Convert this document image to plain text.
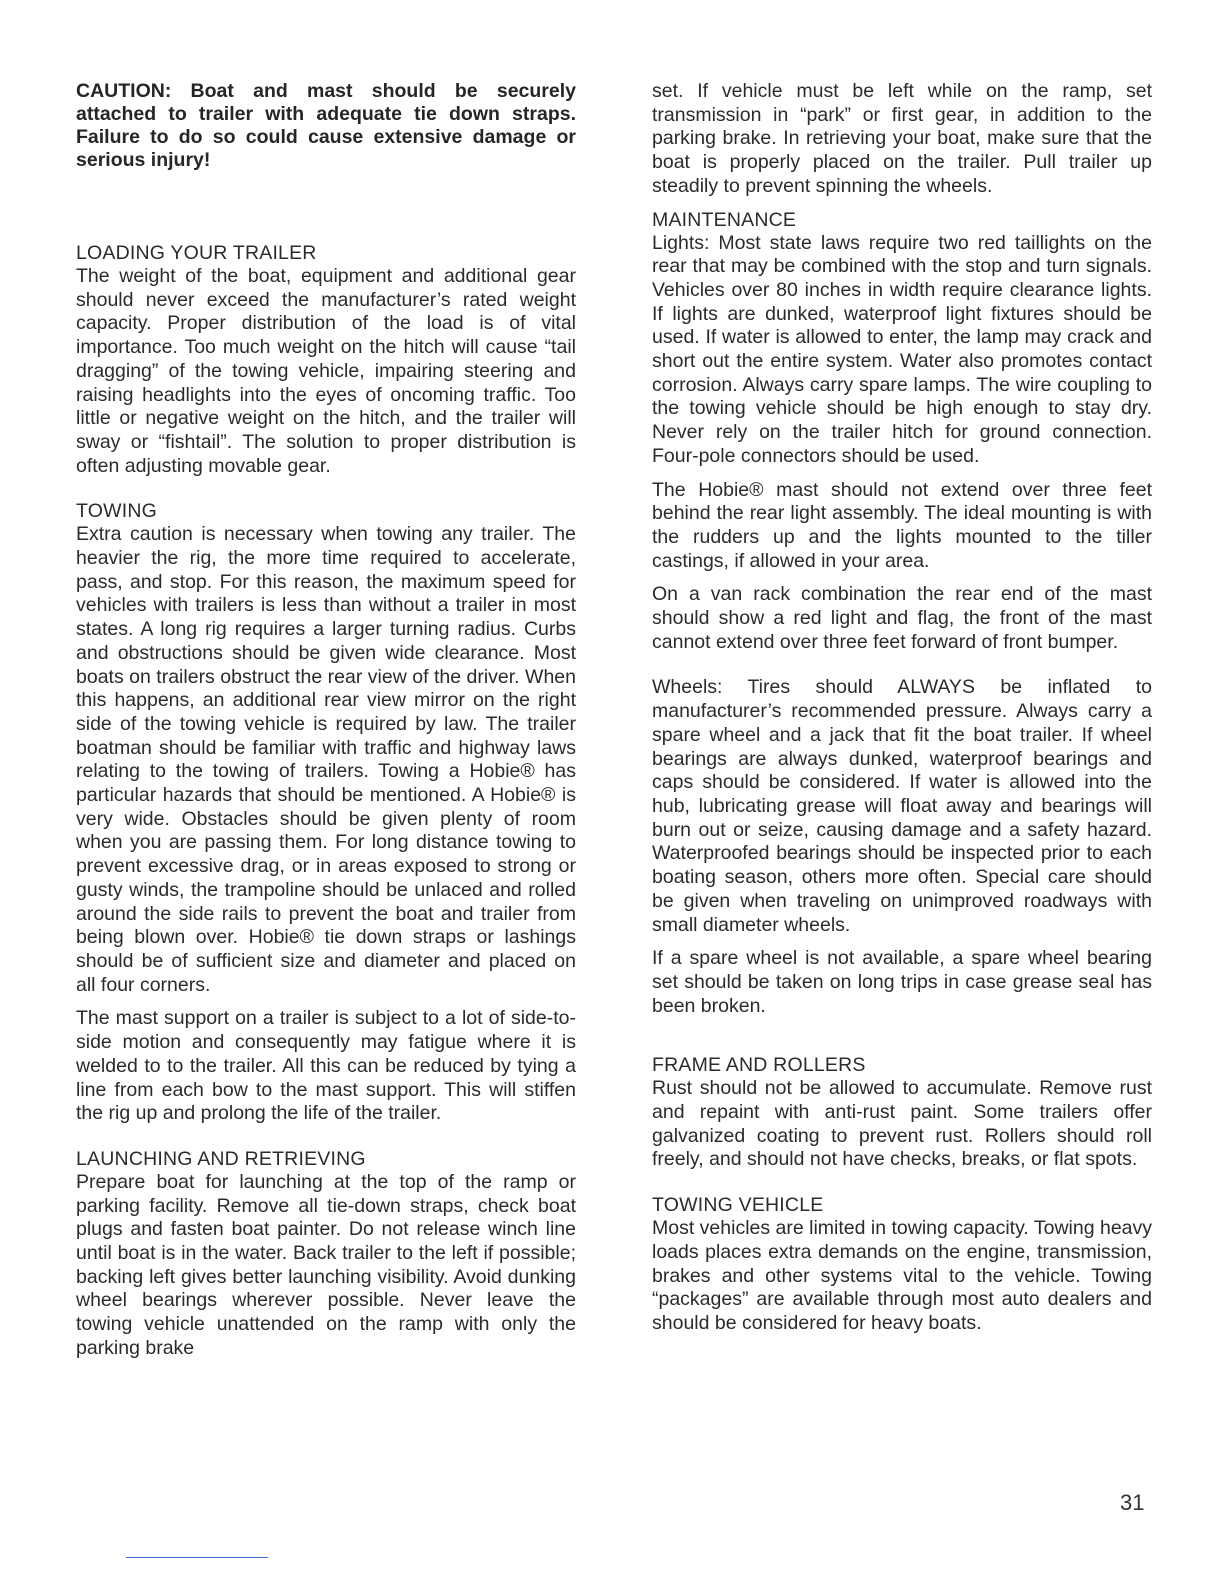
CAUTION: Boat and mast should be securely attached to trailer with adequate tie down straps. Failure to do so could cause extensive damage or serious injury!

LOADING YOUR TRAILER

The weight of the boat, equipment and additional gear should never exceed the manufacturer’s rated weight capacity. Proper distribution of the load is of vital importance. Too much weight on the hitch will cause “tail dragging” of the towing vehicle, impairing steering and raising headlights into the eyes of oncoming traffic. Too little or negative weight on the hitch, and the trailer will sway or “fishtail”. The solution to proper distribution is often adjusting movable gear.

TOWING

Extra caution is necessary when towing any trailer. The heavier the rig, the more time required to accelerate, pass, and stop. For this reason, the maximum speed for vehicles with trailers is less than without a trailer in most states. A long rig requires a larger turning radius. Curbs and obstructions should be given wide clearance. Most boats on trailers obstruct the rear view of the driver. When this happens, an additional rear view mirror on the right side of the towing vehicle is required by law. The trailer boatman should be familiar with traffic and highway laws relating to the towing of trailers. Towing a Hobie® has particular hazards that should be mentioned. A Hobie® is very wide. Obstacles should be given plenty of room when you are passing them. For long distance towing to prevent excessive drag, or in areas exposed to strong or gusty winds, the trampoline should be unlaced and rolled around the side rails to prevent the boat and trailer from being blown over. Hobie® tie down straps or lashings should be of sufficient size and diameter and placed on all four corners.

The mast support on a trailer is subject to a lot of side-to-side motion and consequently may fatigue where it is welded to to the trailer. All this can be reduced by tying a line from each bow to the mast support. This will stiffen the rig up and prolong the life of the trailer.

LAUNCHING AND RETRIEVING

Prepare boat for launching at the top of the ramp or parking facility. Remove all tie-down straps, check boat plugs and fasten boat painter. Do not release winch line until boat is in the water. Back trailer to the left if possible; backing left gives better launching visibility. Avoid dunking wheel bearings wherever possible. Never leave the towing vehicle unattended on the ramp with only the parking brake

set. If vehicle must be left while on the ramp, set transmission in “park” or first gear, in addition to the parking brake. In retrieving your boat, make sure that the boat is properly placed on the trailer. Pull trailer up steadily to prevent spinning the wheels.

MAINTENANCE

Lights: Most state laws require two red taillights on the rear that may be combined with the stop and turn signals. Vehicles over 80 inches in width require clearance lights. If lights are dunked, waterproof light fixtures should be used. If water is allowed to enter, the lamp may crack and short out the entire system. Water also promotes contact corrosion. Always carry spare lamps. The wire coupling to the towing vehicle should be high enough to stay dry. Never rely on the trailer hitch for ground connection. Four-pole connectors should be used.

The Hobie® mast should not extend over three feet behind the rear light assembly. The ideal mounting is with the rudders up and the lights mounted to the tiller castings, if allowed in your area.

On a van rack combination the rear end of the mast should show a red light and flag, the front of the mast cannot extend over three feet forward of front bumper.

Wheels: Tires should ALWAYS be inflated to manufacturer’s recommended pressure. Always carry a spare wheel and a jack that fit the boat trailer. If wheel bearings are always dunked, waterproof bearings and caps should be considered. If water is allowed into the hub, lubricating grease will float away and bearings will burn out or seize, causing damage and a safety hazard. Waterproofed bearings should be inspected prior to each boating season, others more often. Special care should be given when traveling on unimproved roadways with small diameter wheels.

If a spare wheel is not available, a spare wheel bearing set should be taken on long trips in case grease seal has been broken.

FRAME AND ROLLERS

Rust should not be allowed to accumulate. Remove rust and repaint with anti-rust paint. Some trailers offer galvanized coating to prevent rust. Rollers should roll freely, and should not have checks, breaks, or flat spots.

TOWING VEHICLE

Most vehicles are limited in towing capacity. Towing heavy loads places extra demands on the engine, transmission, brakes and other systems vital to the vehicle. Towing “packages” are available through most auto dealers and should be considered for heavy boats.

31
